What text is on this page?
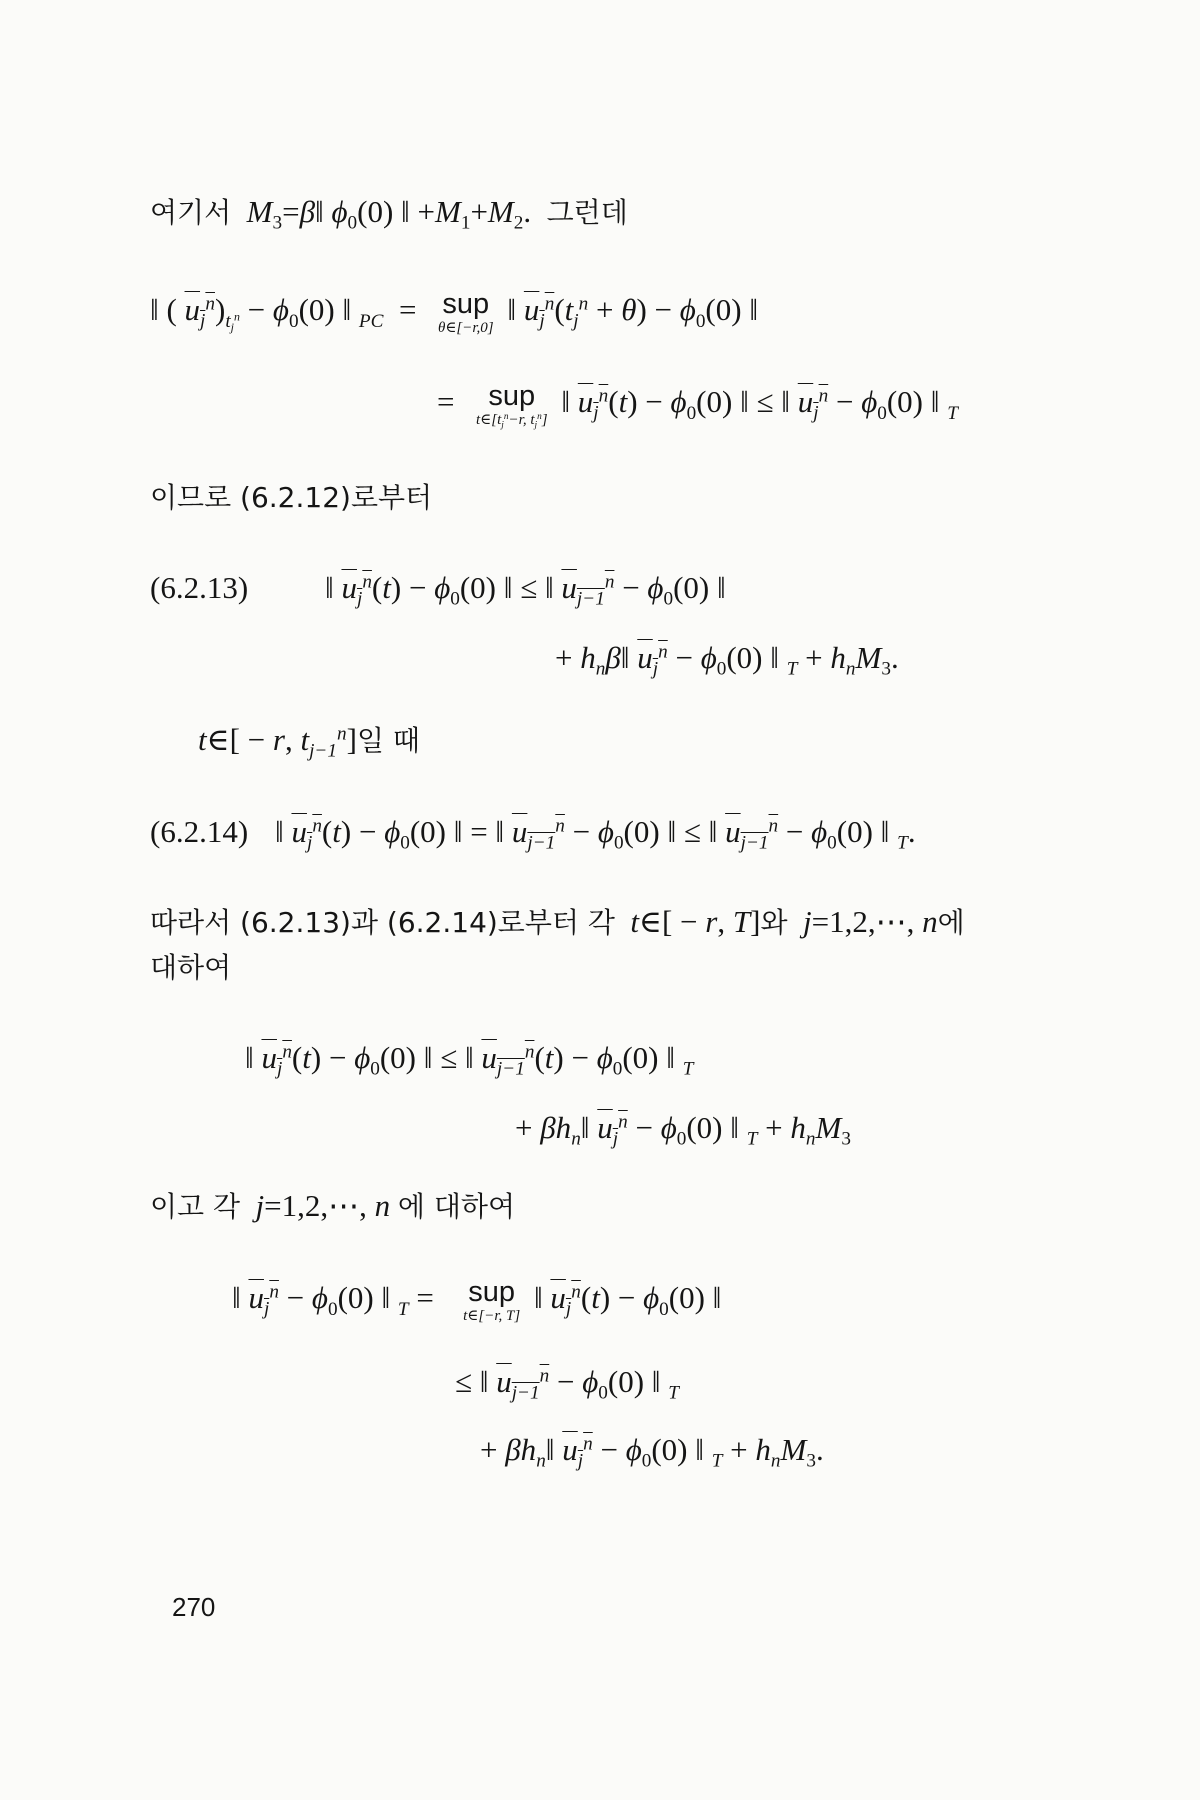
여기서 $M_3=\beta‖$ $\phi_0(0)$ ‖ $+M_1+M_2$.  그런데
‖ ( $u_j^n)_{t_j^n} - \phi_0(0)$ ‖ $_{PC}$  = sup
θ∈[−r,0]
‖ $u_j^n(t_j^n + \theta) - \phi_0(0)$ ‖
= sup
$t\in[t_j^n-r$, $t_j^n$]
‖ $u_j^n(t) - \phi_0(0)$ ‖ ≤ ‖ $u_j^n - \phi_0(0)$ ‖ $_T$
이므로 (6.2.12)로부터
(6.2.13) ‖ $u_j^n(t) - \phi_0(0)$ ‖ ≤ ‖ $u_{j-1}^n - \phi_0(0)$ ‖
+ $h_n\beta‖$ $u_j^n - \phi_0(0)$ ‖ $_T + h_nM_3$.
t∈[ − r, $t_{j-1}^n$]일 때
(6.2.14) ‖ $u_j^n(t) - \phi_0(0)$ ‖ = ‖ $u_{j-1}^n - \phi_0(0)$ ‖ ≤ ‖ $u_{j-1}^n - \phi_0(0)$ ‖ $_T$.
따라서 (6.2.13)과 (6.2.14)로부터 각 t∈[ − r, T]와 j=1,2,⋯, n에
대하여
‖ $u_j^n(t) - \phi_0(0)$ ‖ ≤ ‖ $u_{j-1}^n(t) - \phi_0(0)$ ‖ $_T$
+ $\beta h_n‖$ $u_j^n - \phi_0(0)$ ‖ $_T + h_nM_3$
이고 각 j=1,2,⋯, n 에 대하여
‖ $u_j^n - \phi_0(0)$ ‖ $_T$ = sup
t∈[−r, T]
‖ $u_j^n(t) - \phi_0(0)$ ‖
≤ ‖ $u_{j-1}^n - \phi_0(0)$ ‖ $_T$
+ $\beta h_n‖$ $u_j^n - \phi_0(0)$ ‖ $_T + h_nM_3$.
270
